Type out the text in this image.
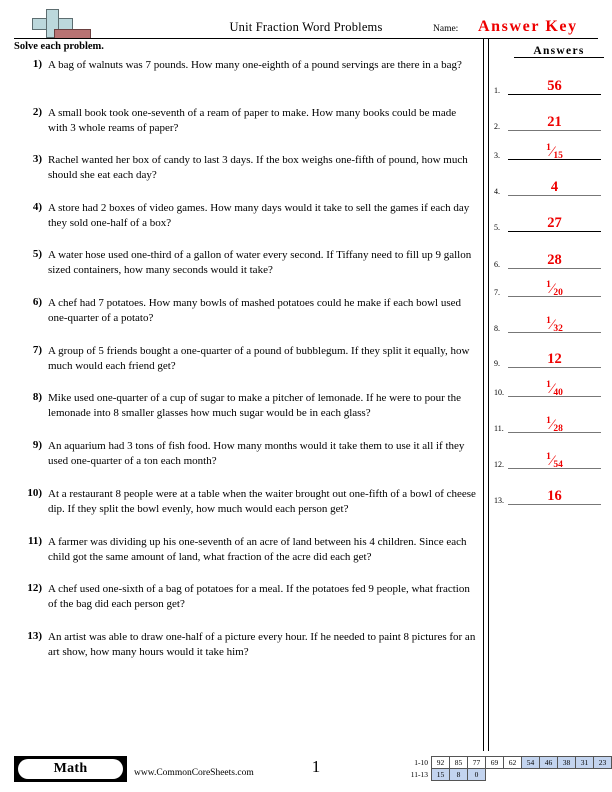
Unit Fraction Word Problems	Name: Answer Key
Solve each problem.
1) A bag of walnuts was 7 pounds. How many one-eighth of a pound servings are there in a bag?
2) A small book took one-seventh of a ream of paper to make. How many books could be made with 3 whole reams of paper?
3) Rachel wanted her box of candy to last 3 days. If the box weighs one-fifth of pound, how much should she eat each day?
4) A store had 2 boxes of video games. How many days would it take to sell the games if each day they sold one-half of a box?
5) A water hose used one-third of a gallon of water every second. If Tiffany need to fill up 9 gallon sized containers, how many seconds would it take?
6) A chef had 7 potatoes. How many bowls of mashed potatoes could he make if each bowl used one-quarter of a potato?
7) A group of 5 friends bought a one-quarter of a pound of bubblegum. If they split it equally, how much would each friend get?
8) Mike used one-quarter of a cup of sugar to make a pitcher of lemonade. If he were to pour the lemonade into 8 smaller glasses how much sugar would be in each glass?
9) An aquarium had 3 tons of fish food. How many months would it take them to use it all if they used one-quarter of a ton each month?
10) At a restaurant 8 people were at a table when the waiter brought out one-fifth of a bowl of cheese dip. If they split the bowl evenly, how much would each person get?
11) A farmer was dividing up his one-seventh of an acre of land between his 4 children. Since each child got the same amount of land, what fraction of the acre did each get?
12) A chef used one-sixth of a bag of potatoes for a meal. If the potatoes fed 9 people, what fraction of the bag did each person get?
13) An artist was able to draw one-half of a picture every hour. If he needed to paint 8 pictures for an art show, how many hours would it take him?
Answers
1.	56
2.	21
3.
1⁄15
4.	4
5.	27
6.	28
7.
1⁄20
8.
1⁄32
9.	12
10.
1⁄40
11.
1⁄28
12.
1⁄54
13.	16
Math	www.CommonCoreSheets.com	1	1-10	92	85	77	69	62	54	46	38	31	23
11-13	15	8	0							
